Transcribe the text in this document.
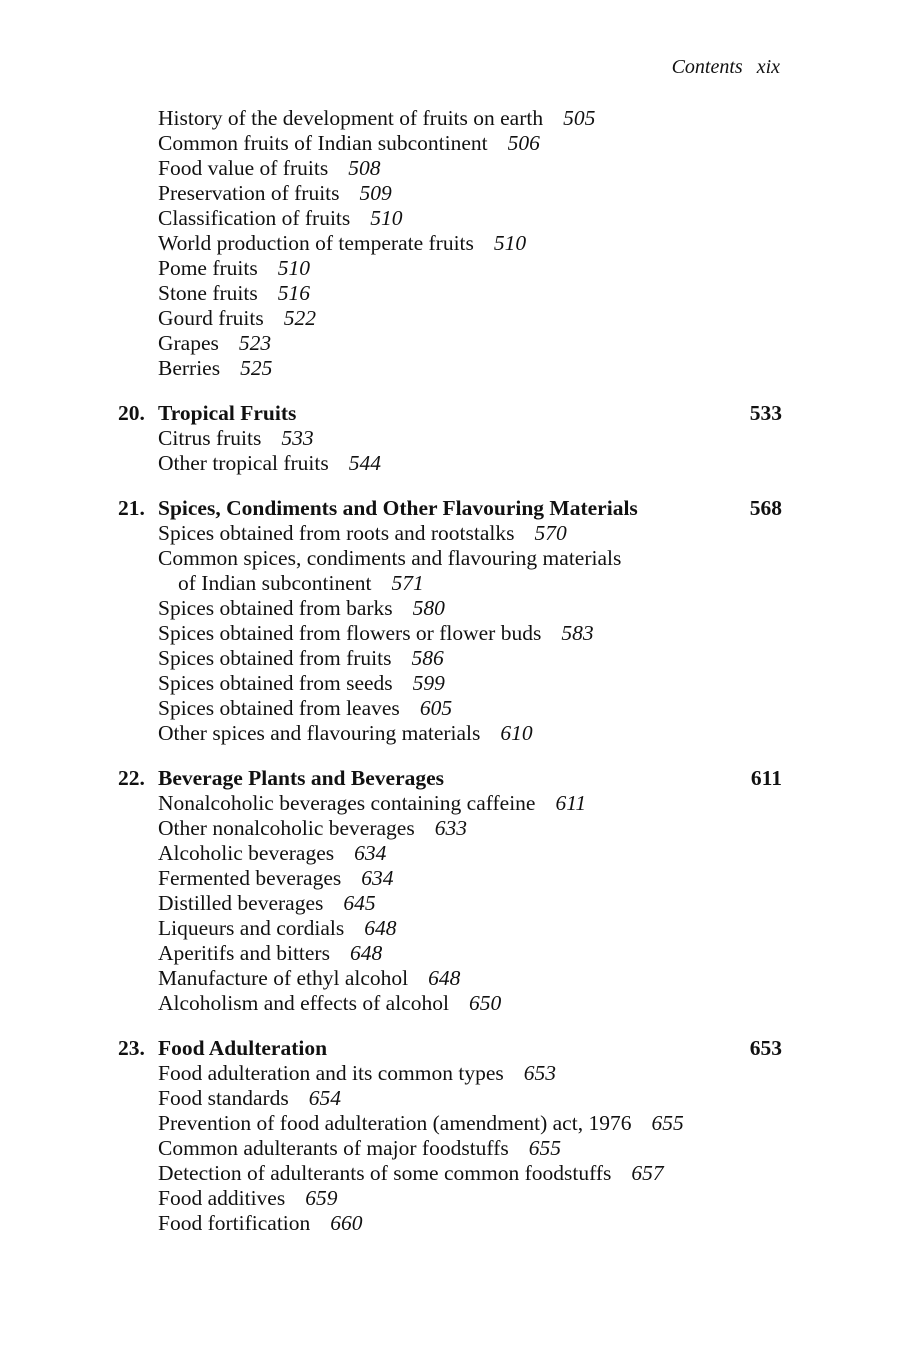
Contents xix
History of the development of fruits on earth 505
Common fruits of Indian subcontinent 506
Food value of fruits 508
Preservation of fruits 509
Classification of fruits 510
World production of temperate fruits 510
Pome fruits 510
Stone fruits 516
Gourd fruits 522
Grapes 523
Berries 525
20. Tropical Fruits	533
Citrus fruits 533
Other tropical fruits 544
21. Spices, Condiments and Other Flavouring Materials	568
Spices obtained from roots and rootstalks 570
Common spices, condiments and flavouring materials
of Indian subcontinent 571
Spices obtained from barks 580
Spices obtained from flowers or flower buds 583
Spices obtained from fruits 586
Spices obtained from seeds 599
Spices obtained from leaves 605
Other spices and flavouring materials 610
22. Beverage Plants and Beverages	611
Nonalcoholic beverages containing caffeine 611
Other nonalcoholic beverages 633
Alcoholic beverages 634
Fermented beverages 634
Distilled beverages 645
Liqueurs and cordials 648
Aperitifs and bitters 648
Manufacture of ethyl alcohol 648
Alcoholism and effects of alcohol 650
23. Food Adulteration	653
Food adulteration and its common types 653
Food standards 654
Prevention of food adulteration (amendment) act, 1976 655
Common adulterants of major foodstuffs 655
Detection of adulterants of some common foodstuffs 657
Food additives 659
Food fortification 660
